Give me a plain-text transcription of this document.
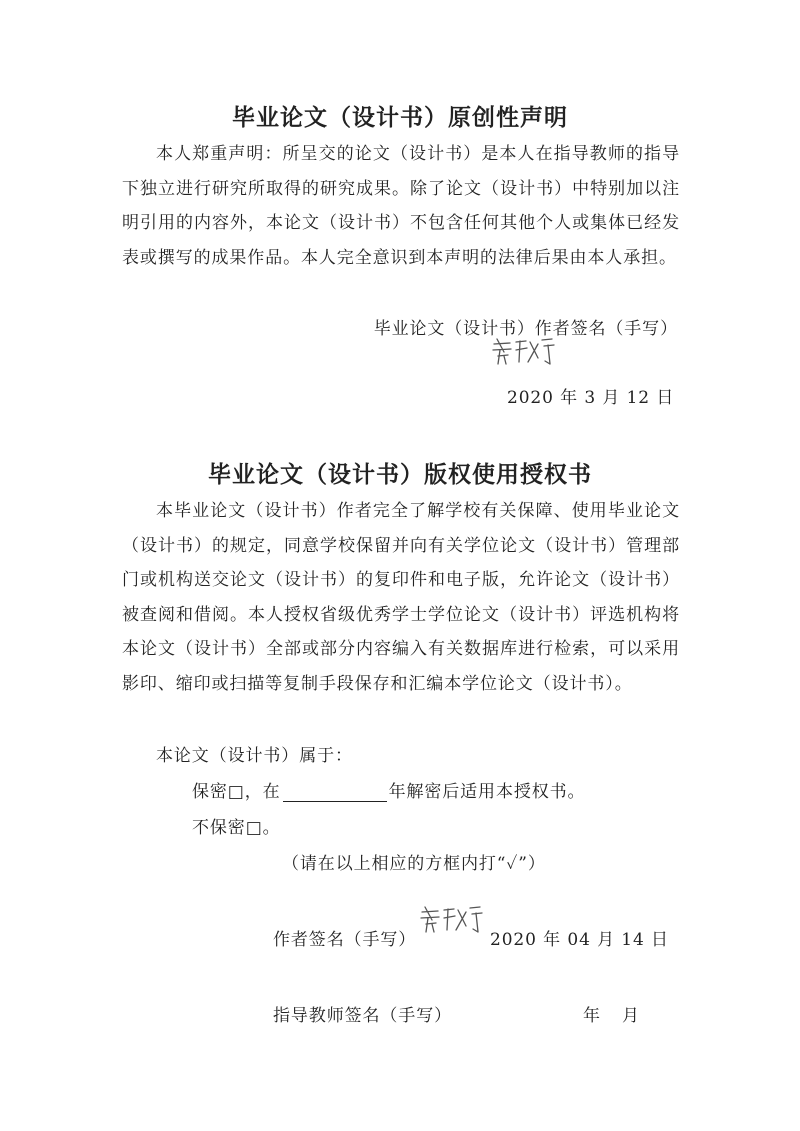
毕业论文（设计书）原创性声明

本人郑重声明：所呈交的论文（设计书）是本人在指导教师的指导下独立进行研究所取得的研究成果。除了论文（设计书）中特别加以注明引用的内容外，本论文（设计书）不包含任何其他个人或集体已经发表或撰写的成果作品。本人完全意识到本声明的法律后果由本人承担。

毕业论文（设计书）作者签名（手写）
2020 年 3 月 12 日
毕业论文（设计书）版权使用授权书

本毕业论文（设计书）作者完全了解学校有关保障、使用毕业论文（设计书）的规定，同意学校保留并向有关学位论文（设计书）管理部门或机构送交论文（设计书）的复印件和电子版，允许论文（设计书）被查阅和借阅。本人授权省级优秀学士学位论文（设计书）评选机构将本论文（设计书）全部或部分内容编入有关数据库进行检索，可以采用影印、缩印或扫描等复制手段保存和汇编本学位论文（设计书）。

本论文（设计书）属于：
保密□，在	年解密后适用本授权书。
不保密□。
（请在以上相应的方框内打“✓”）
作者签名（手写）	2020 年 04 月 14 日
指导教师签名（手写）	年 月
